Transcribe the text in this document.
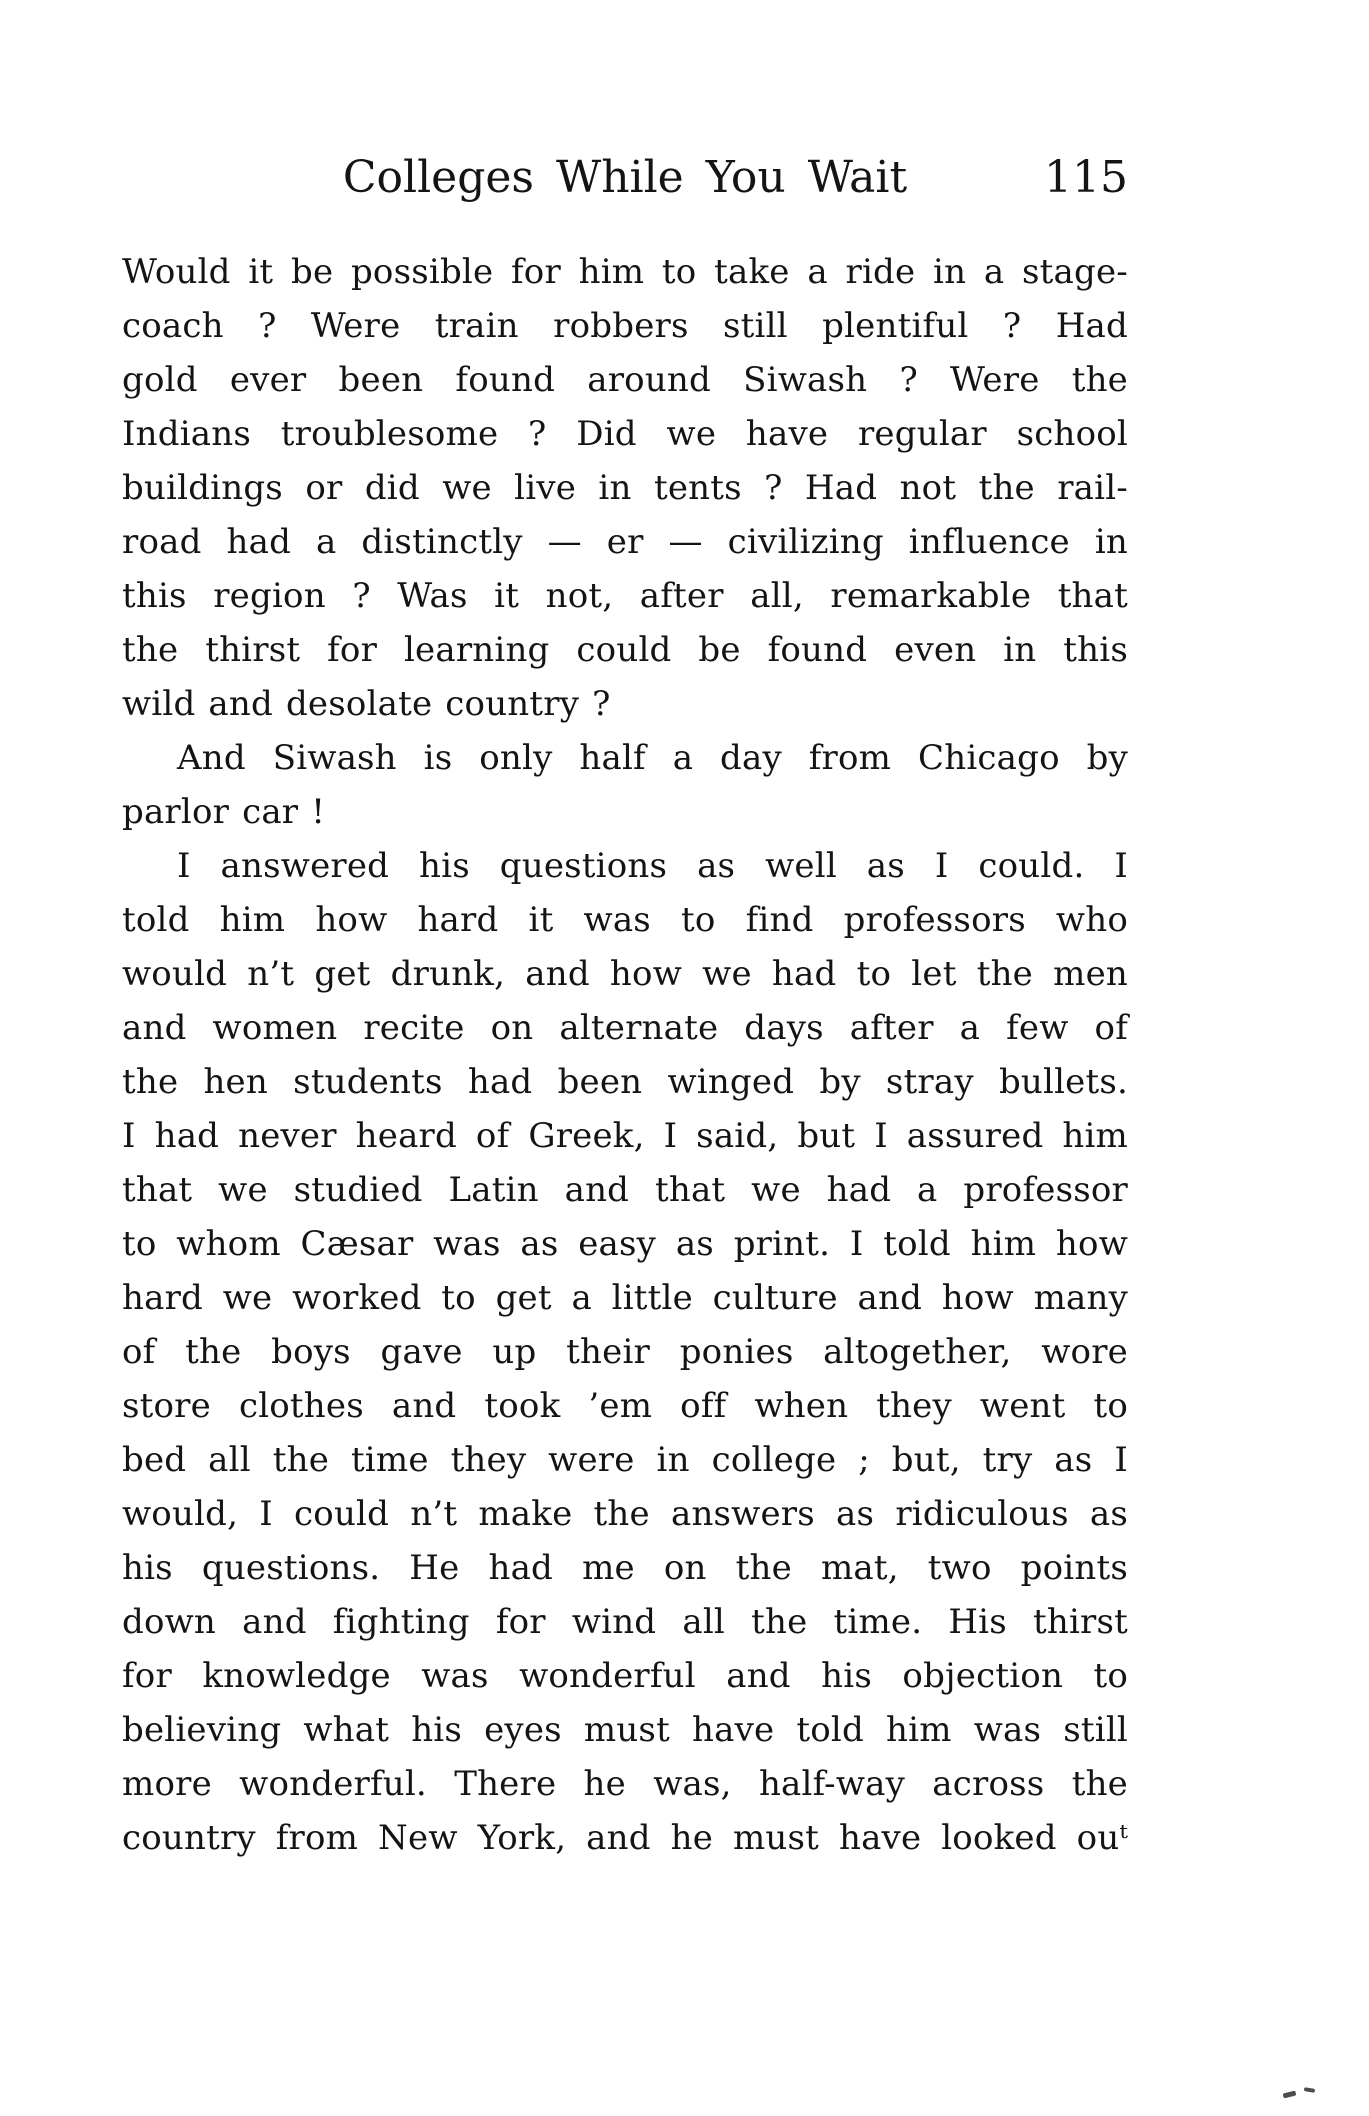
Colleges While You Wait	115
Would it be possible for him to take a ride in a stage-
coach ? Were train robbers still plentiful ? Had
gold ever been found around Siwash ? Were the
Indians troublesome ? Did we have regular school
buildings or did we live in tents ? Had not the rail-
road had a distinctly — er — civilizing influence in
this region ? Was it not, after all, remarkable that
the thirst for learning could be found even in this
wild and desolate country ?
And Siwash is only half a day from Chicago by
parlor car !
I answered his questions as well as I could. I
told him how hard it was to find professors who
would n’t get drunk, and how we had to let the men
and women recite on alternate days after a few of
the hen students had been winged by stray bullets.
I had never heard of Greek, I said, but I assured him
that we studied Latin and that we had a professor
to whom Cæsar was as easy as print. I told him how
hard we worked to get a little culture and how many
of the boys gave up their ponies altogether, wore
store clothes and took ’em off when they went to
bed all the time they were in college ; but, try as I
would, I could n’t make the answers as ridiculous as
his questions. He had me on the mat, two points
down and fighting for wind all the time. His thirst
for knowledge was wonderful and his objection to
believing what his eyes must have told him was still
more wonderful. There he was, half-way across the
country from New York, and he must have looked ouᵗ
